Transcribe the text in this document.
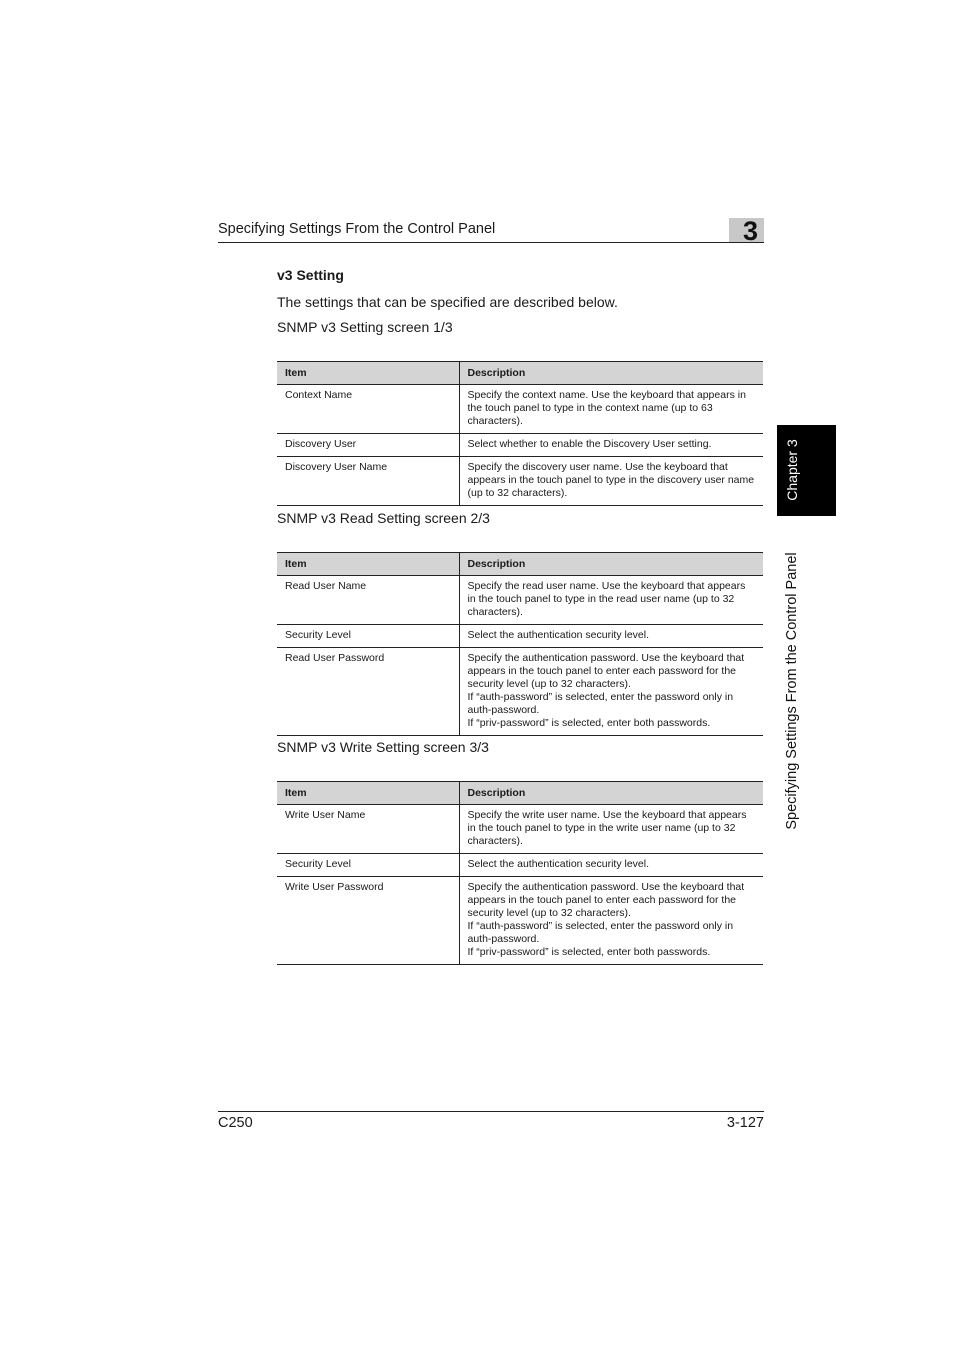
Specifying Settings From the Control Panel	3
v3 Setting
The settings that can be specified are described below.
SNMP v3 Setting screen 1/3
Item	Description
Context Name	Specify the context name. Use the keyboard that appears in the touch panel to type in the context name (up to 63 characters).

Discovery User	Select whether to enable the Discovery User setting.

Discovery User Name	Specify the discovery user name. Use the keyboard that appears in the touch panel to type in the discovery user name (up to 32 characters).
SNMP v3 Read Setting screen 2/3
Item	Description
Read User Name	Specify the read user name. Use the keyboard that appears in the touch panel to type in the read user name (up to 32 characters).

Security Level	Select the authentication security level.

Read User Password	Specify the authentication password. Use the keyboard that appears in the touch panel to enter each password for the security level (up to 32 characters).
If “auth-password” is selected, enter the password only in auth-password.
If “priv-password” is selected, enter both passwords.
SNMP v3 Write Setting screen 3/3
Item	Description
Write User Name	Specify the write user name. Use the keyboard that appears in the touch panel to type in the write user name (up to 32 characters).

Security Level	Select the authentication security level.

Write User Password	Specify the authentication password. Use the keyboard that appears in the touch panel to enter each password for the security level (up to 32 characters).
If “auth-password” is selected, enter the password only in auth-password.
If “priv-password” is selected, enter both passwords.
C250	3-127
Chapter 3
Specifying Settings From the Control Panel
